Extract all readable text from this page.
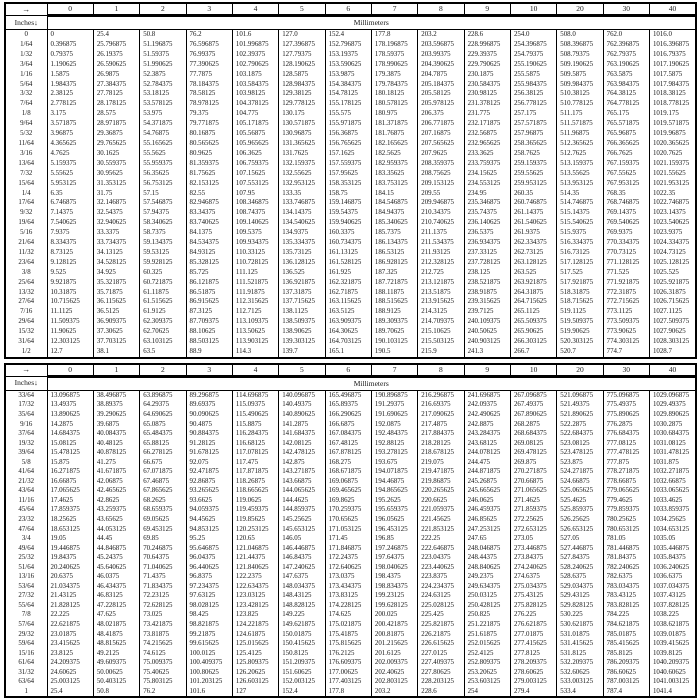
→	0	1	2	3	4	5	6	7	8	9	10	20	30	40
Inches↓	Millimeters													
0	0	25.4	50.8	76.2	101.6	127.0	152.4	177.8	203.2	228.6	254.0	508.0	762.0	1016.0
1/64	0.396875	25.796875	51.196875	76.596875	101.996875	127.396875	152.796875	178.196875	203.596875	228.996875	254.396875	508.396875	762.396875	1016.396875
1/32	0.79375	26.19375	51.59375	76.99375	102.39375	127.79375	153.19375	178.59375	203.99375	229.39375	254.79375	508.79375	762.79375	1016.79375
3/64	1.190625	26.590625	51.990625	77.390625	102.790625	128.190625	153.590625	178.990625	204.390625	229.790625	255.190625	509.190625	763.190625	1017.190625
1/16	1.5875	26.9875	52.3875	77.7875	103.1875	128.5875	153.9875	179.3875	204.7875	230.1875	255.5875	509.5875	763.5875	1017.5875
5/64	1.984375	27.384375	52.784375	78.184375	103.584375	128.984375	154.384375	179.784375	205.184375	230.584375	255.984375	509.984375	763.984375	1017.984375
3/32	2.38125	27.78125	53.18125	78.58125	103.98125	129.38125	154.78125	180.18125	205.58125	230.98125	256.38125	510.38125	764.38125	1018.38125
7/64	2.778125	28.178125	53.578125	78.978125	104.378125	129.778125	155.178125	180.578125	205.978125	231.378125	256.778125	510.778125	764.778125	1018.778125
1/8	3.175	28.575	53.975	79.375	104.775	130.175	155.575	180.975	206.375	231.775	257.175	511.175	765.175	1019.175
9/64	3.571875	28.971875	54.371875	79.771875	105.171875	130.571875	155.971875	181.371875	206.771875	232.171875	257.571875	511.571875	765.571875	1019.571875
5/32	3.96875	29.36875	54.76875	80.16875	105.56875	130.96875	156.36875	181.76875	207.16875	232.56875	257.96875	511.96875	765.96875	1019.96875
11/64	4.365625	29.765625	55.165625	80.565625	105.965625	131.365625	156.765625	182.165625	207.565625	232.965625	258.365625	512.365625	766.365625	1020.365625
3/16	4.7625	30.1625	55.5625	80.9625	106.3625	131.7625	157.1625	182.5625	207.9625	233.3625	258.7625	512.7625	766.7625	1020.7625
13/64	5.159375	30.559375	55.959375	81.359375	106.759375	132.159375	157.559375	182.959375	208.359375	233.759375	259.159375	513.159375	767.159375	1021.159375
7/32	5.55625	30.95625	56.35625	81.75625	107.15625	132.55625	157.95625	183.35625	208.75625	234.15625	259.55625	513.55625	767.55625	1021.55625
15/64	5.953125	31.353125	56.753125	82.153125	107.553125	132.953125	158.353125	183.753125	209.153125	234.553125	259.953125	513.953125	767.953125	1021.953125
1/4	6.35	31.75	57.15	82.55	107.95	133.35	158.75	184.15	209.55	234.95	260.35	514.35	768.35	1022.35
17/64	6.746875	32.146875	57.546875	82.946875	108.346875	133.746875	159.146875	184.546875	209.946875	235.346875	260.746875	514.746875	768.746875	1022.746875
9/32	7.14375	32.54375	57.94375	83.34375	108.74375	134.14375	159.54375	184.94375	210.34375	235.74375	261.14375	515.14375	769.14375	1023.14375
19/64	7.540625	32.940625	58.340625	83.740625	109.140625	134.540625	159.940625	185.340625	210.740625	236.140625	261.540625	515.540625	769.540625	1023.540625
5/16	7.9375	33.3375	58.7375	84.1375	109.5375	134.9375	160.3375	185.7375	211.1375	236.5375	261.9375	515.9375	769.9375	1023.9375
21/64	8.334375	33.734375	59.134375	84.534375	109.934375	135.334375	160.734375	186.134375	211.534375	236.934375	262.334375	516.334375	770.334375	1024.334375
11/32	8.73125	34.13125	59.53125	84.93125	110.33125	135.73125	161.13125	186.53125	211.93125	237.33125	262.73125	516.73125	770.73125	1024.73125
23/64	9.128125	34.528125	59.928125	85.328125	110.728125	136.128125	161.528125	186.928125	212.328125	237.728125	263.128125	517.128125	771.128125	1025.128125
3/8	9.525	34.925	60.325	85.725	111.125	136.525	161.925	187.325	212.725	238.125	263.525	517.525	771.525	1025.525
25/64	9.921875	35.321875	60.721875	86.121875	111.521875	136.921875	162.321875	187.721875	213.121875	238.521875	263.921875	517.921875	771.921875	1025.921875
13/32	10.31875	35.71875	61.11875	86.51875	111.91875	137.31875	162.71875	188.11875	213.51875	238.91875	264.31875	518.31875	772.31875	1026.31875
27/64	10.715625	36.115625	61.515625	86.915625	112.315625	137.715625	163.115625	188.515625	213.915625	239.315625	264.715625	518.715625	772.715625	1026.715625
7/16	11.1125	36.5125	61.9125	87.3125	112.7125	138.1125	163.5125	188.9125	214.3125	239.7125	265.1125	519.1125	773.1125	1027.1125
29/64	11.509375	36.909375	62.309375	87.709375	113.109375	138.509375	163.909375	189.309375	214.709375	240.109375	265.509375	519.509375	773.509375	1027.509375
15/32	11.90625	37.30625	62.70625	88.10625	113.50625	138.90625	164.30625	189.70625	215.10625	240.50625	265.90625	519.90625	773.90625	1027.90625
31/64	12.303125	37.703125	63.103125	88.503125	113.903125	139.303125	164.703125	190.103125	215.503125	240.903125	266.303125	520.303125	774.303125	1028.303125
1/2	12.7	38.1	63.5	88.9	114.3	139.7	165.1	190.5	215.9	241.3	266.7	520.7	774.7	1028.7
→	0	1	2	3	4	5	6	7	8	9	10	20	30	40
Inches↓	Millimeters													
33/64	13.096875	38.496875	63.896875	89.296875	114.696875	140.096875	165.496875	190.896875	216.296875	241.696875	267.096875	521.096875	775.096875	1029.096875
17/32	13.49375	38.89375	64.29375	89.69375	115.09375	140.49375	165.89375	191.29375	216.69375	242.09375	267.49375	521.49375	775.49375	1029.49375
35/64	13.890625	39.290625	64.690625	90.090625	115.490625	140.890625	166.290625	191.690625	217.090625	242.490625	267.890625	521.890625	775.890625	1029.890625
9/16	14.2875	39.6875	65.0875	90.4875	115.8875	141.2875	166.6875	192.0875	217.4875	242.8875	268.2875	522.2875	776.2875	1030.2875
37/64	14.684375	40.084375	65.484375	90.884375	116.284375	141.684375	167.084375	192.484375	217.884375	243.284375	268.684375	522.684375	776.684375	1030.684375
19/32	15.08125	40.48125	65.88125	91.28125	116.68125	142.08125	167.48125	192.88125	218.28125	243.68125	269.08125	523.08125	777.08125	1031.08125
39/64	15.478125	40.878125	66.278125	91.678125	117.078125	142.478125	167.878125	193.278125	218.678125	244.078125	269.478125	523.478125	777.478125	1031.478125
5/8	15.875	41.275	66.675	92.075	117.475	142.875	168.275	193.675	219.075	244.475	269.875	523.875	777.875	1031.875
41/64	16.271875	41.671875	67.071875	92.471875	117.871875	143.271875	168.671875	194.071875	219.471875	244.871875	270.271875	524.271875	778.271875	1032.271875
21/32	16.66875	42.06875	67.46875	92.86875	118.26875	143.66875	169.06875	194.46875	219.86875	245.26875	270.66875	524.66875	778.66875	1032.66875
43/64	17.065625	42.465625	67.865625	93.265625	118.665625	144.065625	169.465625	194.865625	220.265625	245.665625	271.065625	525.065625	779.065625	1033.065625
11/16	17.4625	42.8625	68.2625	93.6625	119.0625	144.4625	169.8625	195.2625	220.6625	246.0625	271.4625	525.4625	779.4625	1033.4625
45/64	17.859375	43.259375	68.659375	94.059375	119.459375	144.859375	170.259375	195.659375	221.059375	246.459375	271.859375	525.859375	779.859375	1033.859375
23/32	18.25625	43.65625	69.05625	94.45625	119.85625	145.25625	170.65625	196.05625	221.45625	246.85625	272.25625	526.25625	780.25625	1034.25625
47/64	18.653125	44.053125	69.453125	94.853125	120.253125	145.653125	171.053125	196.453125	221.853125	247.253125	272.653125	526.653125	780.653125	1034.653125
3/4	19.05	44.45	69.85	95.25	120.65	146.05	171.45	196.85	222.25	247.65	273.05	527.05	781.05	1035.05
49/64	19.446875	44.846875	70.246875	95.646875	121.046875	146.446875	171.846875	197.246875	222.646875	248.046875	273.446875	527.446875	781.446875	1035.446875
25/32	19.84375	45.24375	70.64375	96.04375	121.44375	146.84375	172.24375	197.64375	223.04375	248.44375	273.84375	527.84375	781.84375	1035.84375
51/64	20.240625	45.640625	71.040625	96.440625	121.840625	147.240625	172.640625	198.040625	223.440625	248.840625	274.240625	528.240625	782.240625	1036.240625
13/16	20.6375	46.0375	71.4375	96.8375	122.2375	147.6375	173.0375	198.4375	223.8375	249.2375	274.6375	528.6375	782.6375	1036.6375
53/64	21.034375	46.434375	71.834375	97.234375	122.634375	148.034375	173.434375	198.834375	224.234375	249.634375	275.034375	529.034375	783.034375	1037.034375
27/32	21.43125	46.83125	72.23125	97.63125	123.03125	148.43125	173.83125	199.23125	224.63125	250.03125	275.43125	529.43125	783.43125	1037.43125
55/64	21.828125	47.228125	72.628125	98.028125	123.428125	148.828125	174.228125	199.628125	225.028125	250.428125	275.828125	529.828125	783.828125	1037.828125
7/8	22.225	47.625	73.025	98.425	123.825	149.225	174.625	200.025	225.425	250.825	276.225	530.225	784.225	1038.225
57/64	22.621875	48.021875	73.421875	98.821875	124.221875	149.621875	175.021875	200.421875	225.821875	251.221875	276.621875	530.621875	784.621875	1038.621875
29/32	23.01875	48.41875	73.81875	99.21875	124.61875	150.01875	175.41875	200.81875	226.21875	251.61875	277.01875	531.01875	785.01875	1039.01875
59/64	23.415625	48.815625	74.215625	99.615625	125.015625	150.415625	175.815625	201.215625	226.615625	252.015625	277.415625	531.415625	785.415625	1039.415625
15/16	23.8125	49.2125	74.6125	100.0125	125.4125	150.8125	176.2125	201.6125	227.0125	252.4125	277.8125	531.8125	785.8125	1039.8125
61/64	24.209375	49.609375	75.009375	100.409375	125.809375	151.209375	176.609375	202.009375	227.409375	252.809375	278.209375	532.209375	786.209375	1040.209375
31/32	24.60625	50.00625	75.40625	100.80625	126.20625	151.60625	177.00625	202.40625	227.80625	253.20625	278.60625	532.60625	786.60625	1040.60625
63/64	25.003125	50.403125	75.803125	101.203125	126.603125	152.003125	177.403125	202.803125	228.203125	253.603125	279.003125	533.003125	787.003125	1041.003125
1	25.4	50.8	76.2	101.6	127	152.4	177.8	203.2	228.6	254	279.4	533.4	787.4	1041.4
